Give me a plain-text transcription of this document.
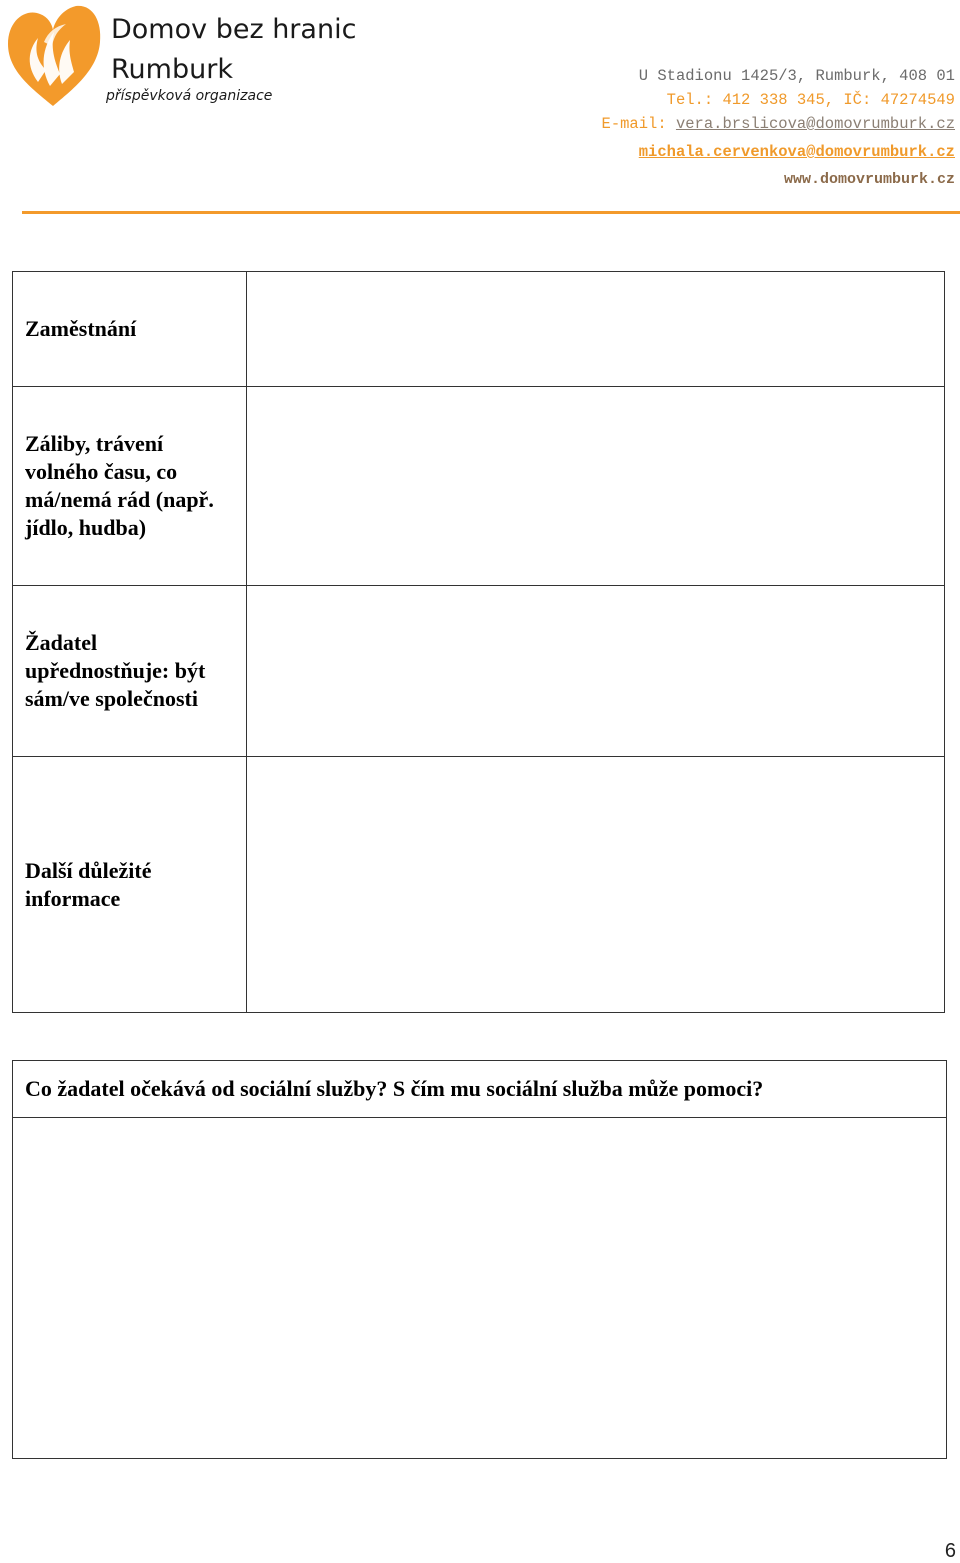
Domov bez hranic
Rumburk
příspěvková organizace
U Stadionu 1425/3, Rumburk, 408 01
Tel.: 412 338 345, IČ: 47274549
E-mail: vera.brslicova@domovrumburk.cz
michala.cervenkova@domovrumburk.cz
www.domovrumburk.cz
Zaměstnání	
Záliby, trávení volného času, co má/nemá rád (např. jídlo, hudba)	
Žadatel upřednostňuje: být sám/ve společnosti	
Další důležité informace	
Co žadatel očekává od sociální služby? S čím mu sociální služba může pomoci?

6
